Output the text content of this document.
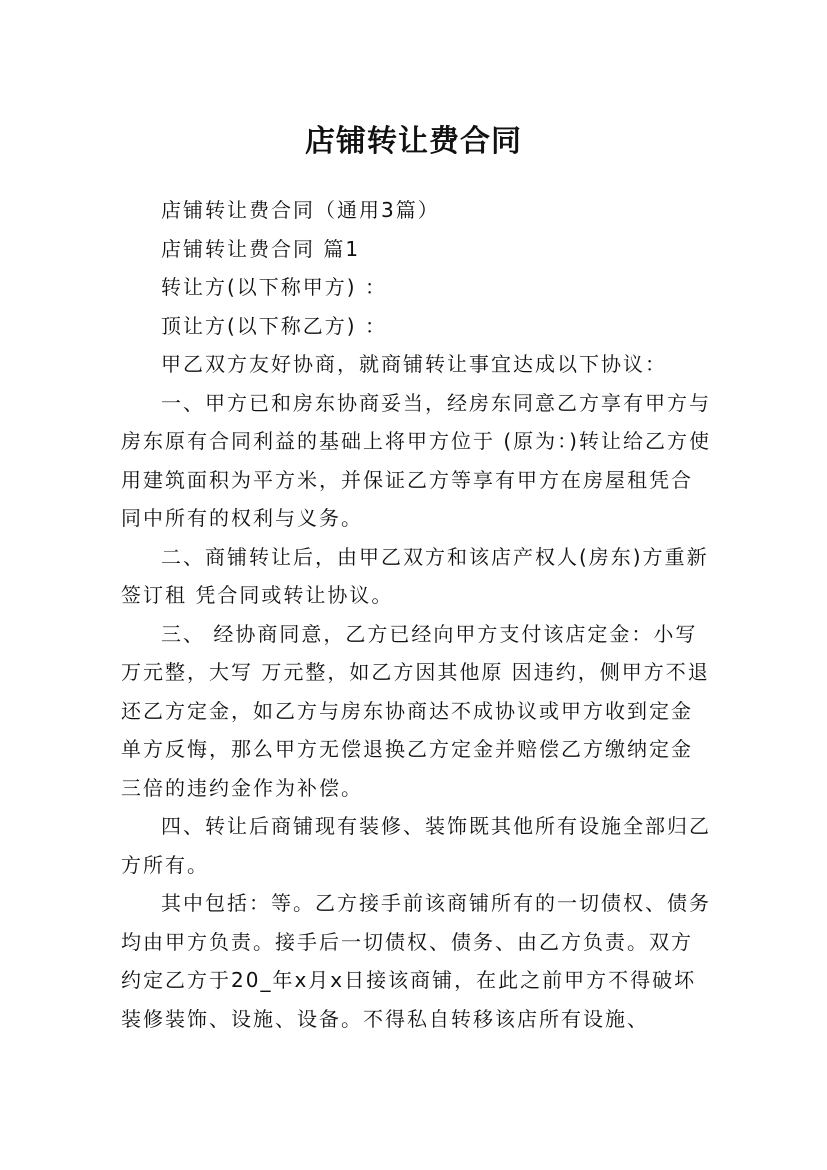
店铺转让费合同

店铺转让费合同（通用3篇）

店铺转让费合同 篇1

转让方(以下称甲方) ：

顶让方(以下称乙方) ：

甲乙双方友好协商，就商铺转让事宜达成以下协议：

一、甲方已和房东协商妥当，经房东同意乙方享有甲方与房东原有合同利益的基础上将甲方位于 (原为：)转让给乙方使用建筑面积为平方米，并保证乙方等享有甲方在房屋租凭合同中所有的权利与义务。

二、商铺转让后，由甲乙双方和该店产权人(房东)方重新签订租 凭合同或转让协议。

三、 经协商同意，乙方已经向甲方支付该店定金：小写万元整，大写 万元整，如乙方因其他原 因违约，侧甲方不退还乙方定金，如乙方与房东协商达不成协议或甲方收到定金单方反悔，那么甲方无偿退换乙方定金并赔偿乙方缴纳定金三倍的违约金作为补偿。

四、转让后商铺现有装修、装饰既其他所有设施全部归乙方所有。

其中包括：等。乙方接手前该商铺所有的一切债权、债务均由甲方负责。接手后一切债权、债务、由乙方负责。双方约定乙方于20_年x月x日接该商铺，在此之前甲方不得破坏装修装饰、设施、设备。不得私自转移该店所有设施、
